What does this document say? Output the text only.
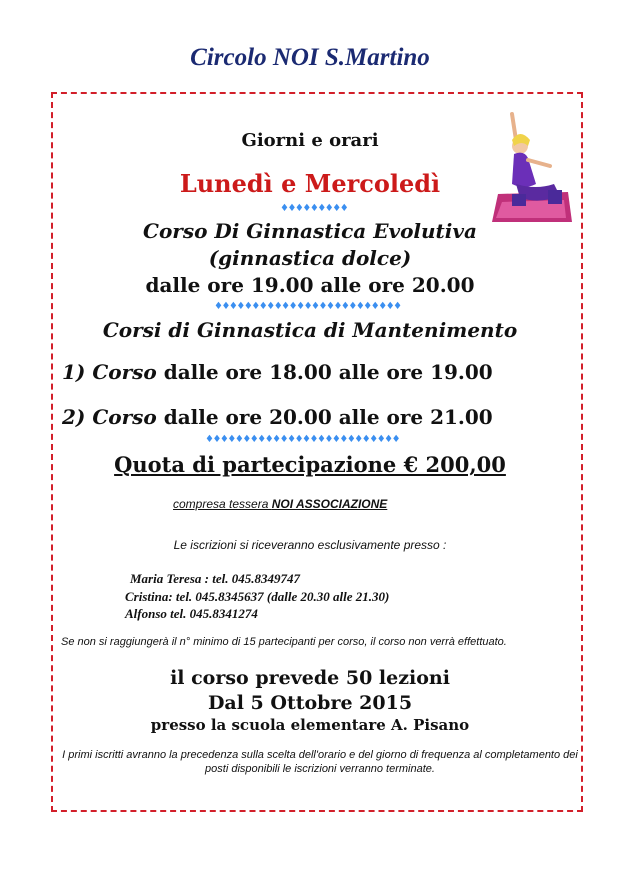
Circolo NOI S.Martino
Giorni e orari
Lunedì e Mercoledì
♦♦♦♦♦♦♦♦♦
Corso Di Ginnastica Evolutiva
(ginnastica dolce)
dalle ore 19.00 alle ore 20.00
♦♦♦♦♦♦♦♦♦♦♦♦♦♦♦♦♦♦♦♦♦♦♦♦♦
Corsi di Ginnastica di Mantenimento
1) Corso dalle ore 18.00 alle ore 19.00
2) Corso dalle ore 20.00 alle ore 21.00
♦♦♦♦♦♦♦♦♦♦♦♦♦♦♦♦♦♦♦♦♦♦♦♦♦♦
Quota di partecipazione € 200,00
compresa tessera NOI ASSOCIAZIONE
Le iscrizioni si riceveranno esclusivamente presso :
Maria Teresa : tel. 045.8349747
Cristina: tel. 045.8345637 (dalle 20.30 alle 21.30)
Alfonso tel. 045.8341274
Se non si raggiungerà il n° minimo di 15 partecipanti per corso, il corso non verrà effettuato.
il corso prevede 50 lezioni
Dal 5 Ottobre 2015
presso la scuola elementare A. Pisano
I primi iscritti avranno la precedenza sulla scelta dell'orario e del giorno di frequenza al completamento dei posti disponibili le iscrizioni verranno terminate.
